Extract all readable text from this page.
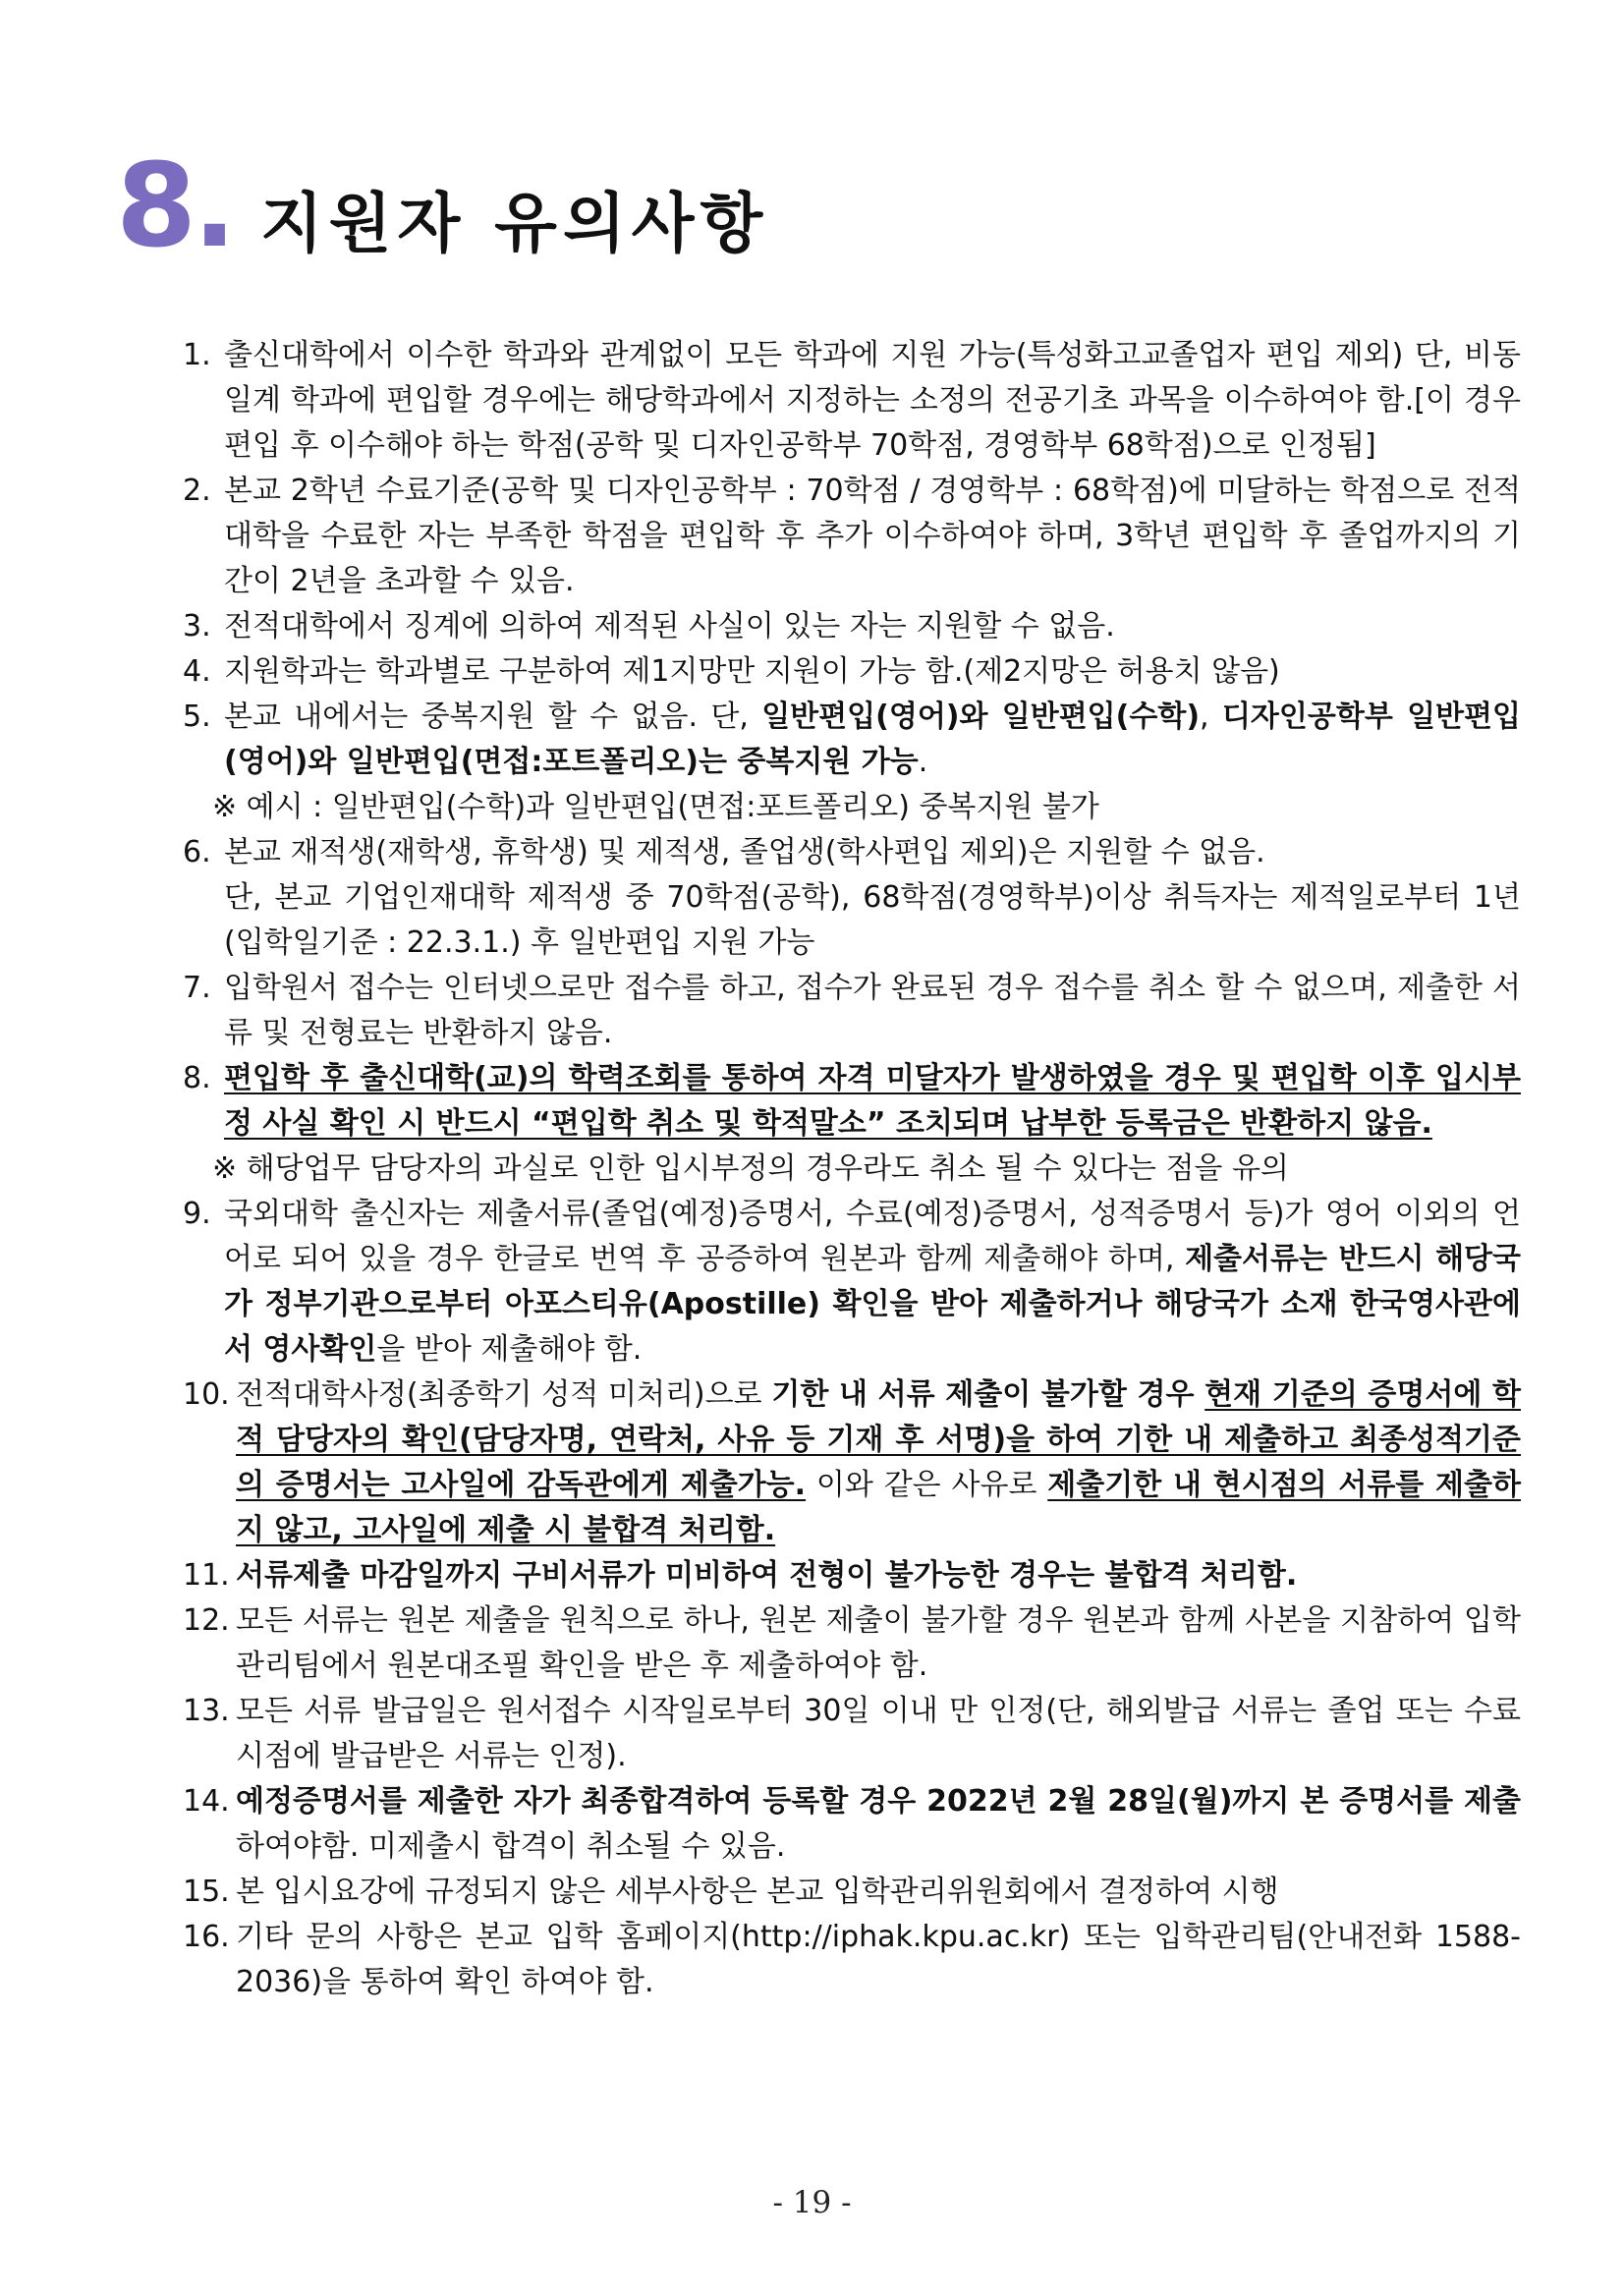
8. 지원자 유의사항

1. 출신대학에서 이수한 학과와 관계없이 모든 학과에 지원 가능(특성화고교졸업자 편입 제외) 단, 비동일계 학과에 편입할 경우에는 해당학과에서 지정하는 소정의 전공기초 과목을 이수하여야 함.[이 경우 편입 후 이수해야 하는 학점(공학 및 디자인공학부 70학점, 경영학부 68학점)으로 인정됨]

2. 본교 2학년 수료기준(공학 및 디자인공학부 : 70학점 / 경영학부 : 68학점)에 미달하는 학점으로 전적대학을 수료한 자는 부족한 학점을 편입학 후 추가 이수하여야 하며, 3학년 편입학 후 졸업까지의 기간이 2년을 초과할 수 있음.

3. 전적대학에서 징계에 의하여 제적된 사실이 있는 자는 지원할 수 없음.

4. 지원학과는 학과별로 구분하여 제1지망만 지원이 가능 함.(제2지망은 허용치 않음)

5. 본교 내에서는 중복지원 할 수 없음. 단, 일반편입(영어)와 일반편입(수학), 디자인공학부 일반편입(영어)와 일반편입(면접:포트폴리오)는 중복지원 가능.
※ 예시 : 일반편입(수학)과 일반편입(면접:포트폴리오) 중복지원 불가

6. 본교 재적생(재학생, 휴학생) 및 제적생, 졸업생(학사편입 제외)은 지원할 수 없음.
단, 본교 기업인재대학 제적생 중 70학점(공학), 68학점(경영학부)이상 취득자는 제적일로부터 1년(입학일기준 : 22.3.1.) 후 일반편입 지원 가능

7. 입학원서 접수는 인터넷으로만 접수를 하고, 접수가 완료된 경우 접수를 취소 할 수 없으며, 제출한 서류 및 전형료는 반환하지 않음.

8. 편입학 후 출신대학(교)의 학력조회를 통하여 자격 미달자가 발생하였을 경우 및 편입학 이후 입시부정 사실 확인 시 반드시 “편입학 취소 및 학적말소” 조치되며 납부한 등록금은 반환하지 않음.
※ 해당업무 담당자의 과실로 인한 입시부정의 경우라도 취소 될 수 있다는 점을 유의

9. 국외대학 출신자는 제출서류(졸업(예정)증명서, 수료(예정)증명서, 성적증명서 등)가 영어 이외의 언어로 되어 있을 경우 한글로 번역 후 공증하여 원본과 함께 제출해야 하며, 제출서류는 반드시 해당국가 정부기관으로부터 아포스티유(Apostille) 확인을 받아 제출하거나 해당국가 소재 한국영사관에서 영사확인을 받아 제출해야 함.

10. 전적대학사정(최종학기 성적 미처리)으로 기한 내 서류 제출이 불가할 경우 현재 기준의 증명서에 학적 담당자의 확인(담당자명, 연락처, 사유 등 기재 후 서명)을 하여 기한 내 제출하고 최종성적기준의 증명서는 고사일에 감독관에게 제출가능. 이와 같은 사유로 제출기한 내 현시점의 서류를 제출하지 않고, 고사일에 제출 시 불합격 처리함.

11. 서류제출 마감일까지 구비서류가 미비하여 전형이 불가능한 경우는 불합격 처리함.

12. 모든 서류는 원본 제출을 원칙으로 하나, 원본 제출이 불가할 경우 원본과 함께 사본을 지참하여 입학관리팀에서 원본대조필 확인을 받은 후 제출하여야 함.

13. 모든 서류 발급일은 원서접수 시작일로부터 30일 이내 만 인정(단, 해외발급 서류는 졸업 또는 수료시점에 발급받은 서류는 인정).

14. 예정증명서를 제출한 자가 최종합격하여 등록할 경우 2022년 2월 28일(월)까지 본 증명서를 제출하여야함. 미제출시 합격이 취소될 수 있음.

15. 본 입시요강에 규정되지 않은 세부사항은 본교 입학관리위원회에서 결정하여 시행

16. 기타 문의 사항은 본교 입학 홈페이지(http://iphak.kpu.ac.kr) 또는 입학관리팀(안내전화 1588-2036)을 통하여 확인 하여야 함.

- 19 -
